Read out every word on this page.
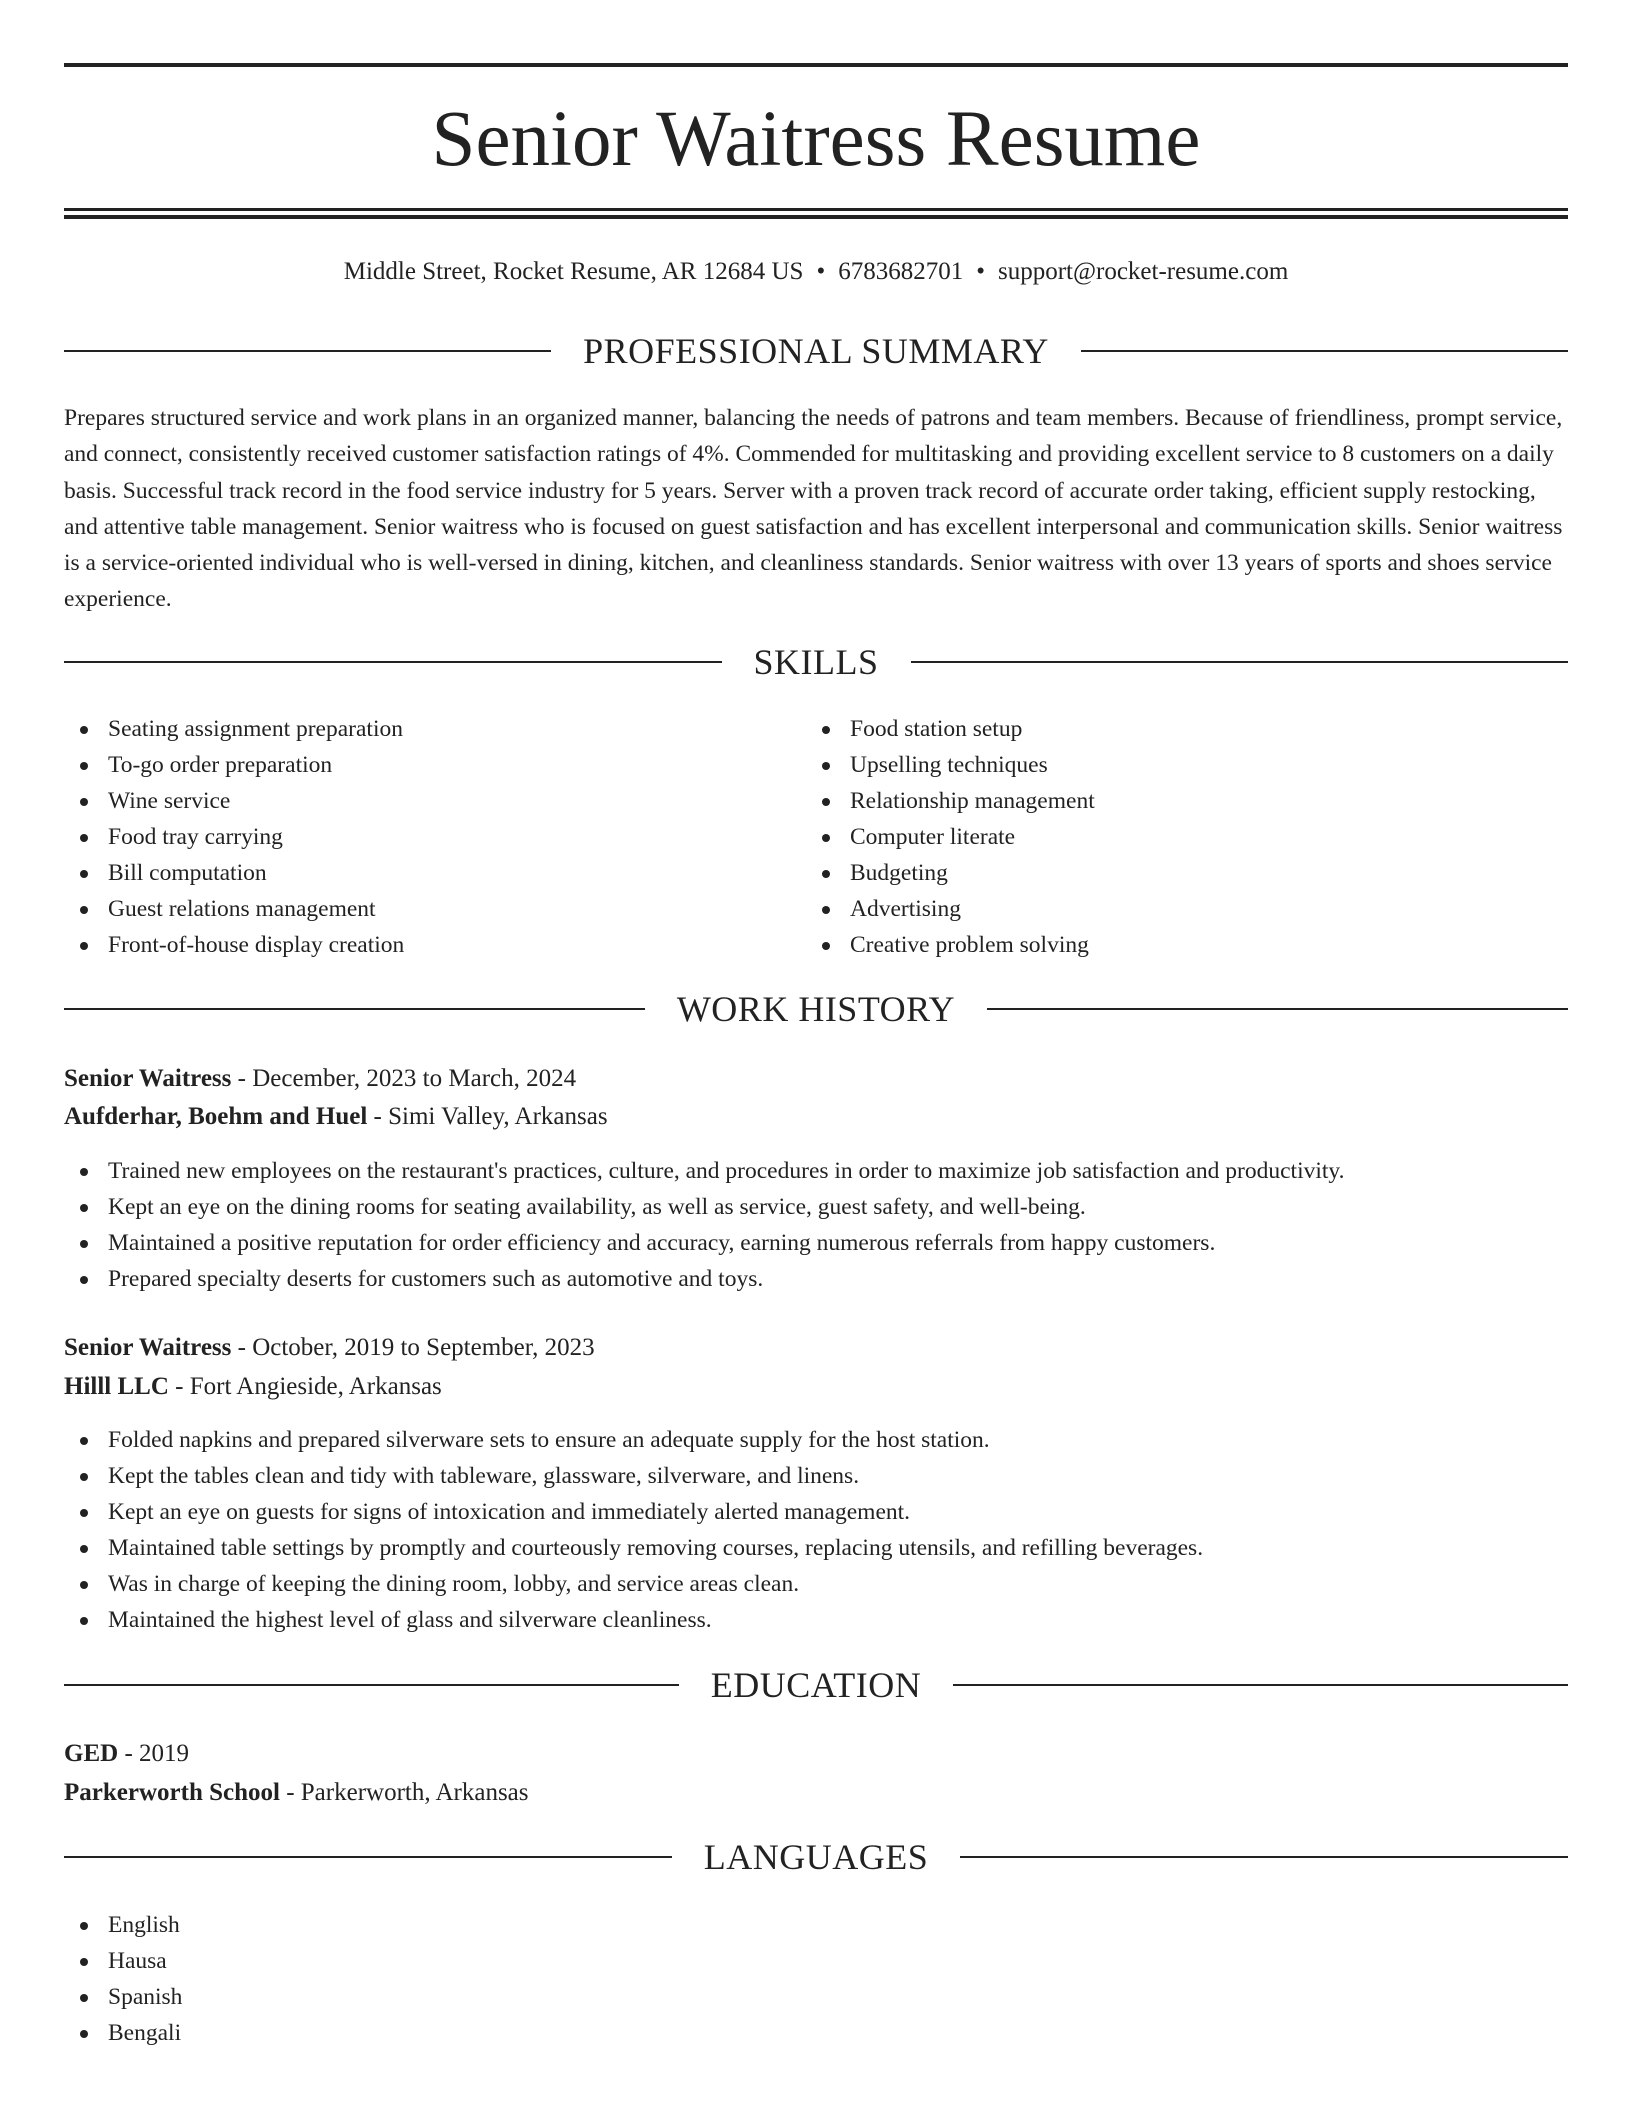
Senior Waitress Resume
Middle Street, Rocket Resume, AR 12684 US • 6783682701 • support@rocket-resume.com
PROFESSIONAL SUMMARY

Prepares structured service and work plans in an organized manner, balancing the needs of patrons and team members. Because of friendliness, prompt service, and connect, consistently received customer satisfaction ratings of 4%. Commended for multitasking and providing excellent service to 8 customers on a daily basis. Successful track record in the food service industry for 5 years. Server with a proven track record of accurate order taking, efficient supply restocking, and attentive table management. Senior waitress who is focused on guest satisfaction and has excellent interpersonal and communication skills. Senior waitress is a service-oriented individual who is well-versed in dining, kitchen, and cleanliness standards. Senior waitress with over 13 years of sports and shoes service experience.

SKILLS
Seating assignment preparation
To-go order preparation
Wine service
Food tray carrying
Bill computation
Guest relations management
Front-of-house display creation
Food station setup
Upselling techniques
Relationship management
Computer literate
Budgeting
Advertising
Creative problem solving
WORK HISTORY
Senior Waitress - December, 2023 to March, 2024
Aufderhar, Boehm and Huel - Simi Valley, Arkansas
Trained new employees on the restaurant's practices, culture, and procedures in order to maximize job satisfaction and productivity.
Kept an eye on the dining rooms for seating availability, as well as service, guest safety, and well-being.
Maintained a positive reputation for order efficiency and accuracy, earning numerous referrals from happy customers.
Prepared specialty deserts for customers such as automotive and toys.
Senior Waitress - October, 2019 to September, 2023
Hilll LLC - Fort Angieside, Arkansas
Folded napkins and prepared silverware sets to ensure an adequate supply for the host station.
Kept the tables clean and tidy with tableware, glassware, silverware, and linens.
Kept an eye on guests for signs of intoxication and immediately alerted management.
Maintained table settings by promptly and courteously removing courses, replacing utensils, and refilling beverages.
Was in charge of keeping the dining room, lobby, and service areas clean.
Maintained the highest level of glass and silverware cleanliness.
EDUCATION
GED - 2019
Parkerworth School - Parkerworth, Arkansas
LANGUAGES
English
Hausa
Spanish
Bengali
